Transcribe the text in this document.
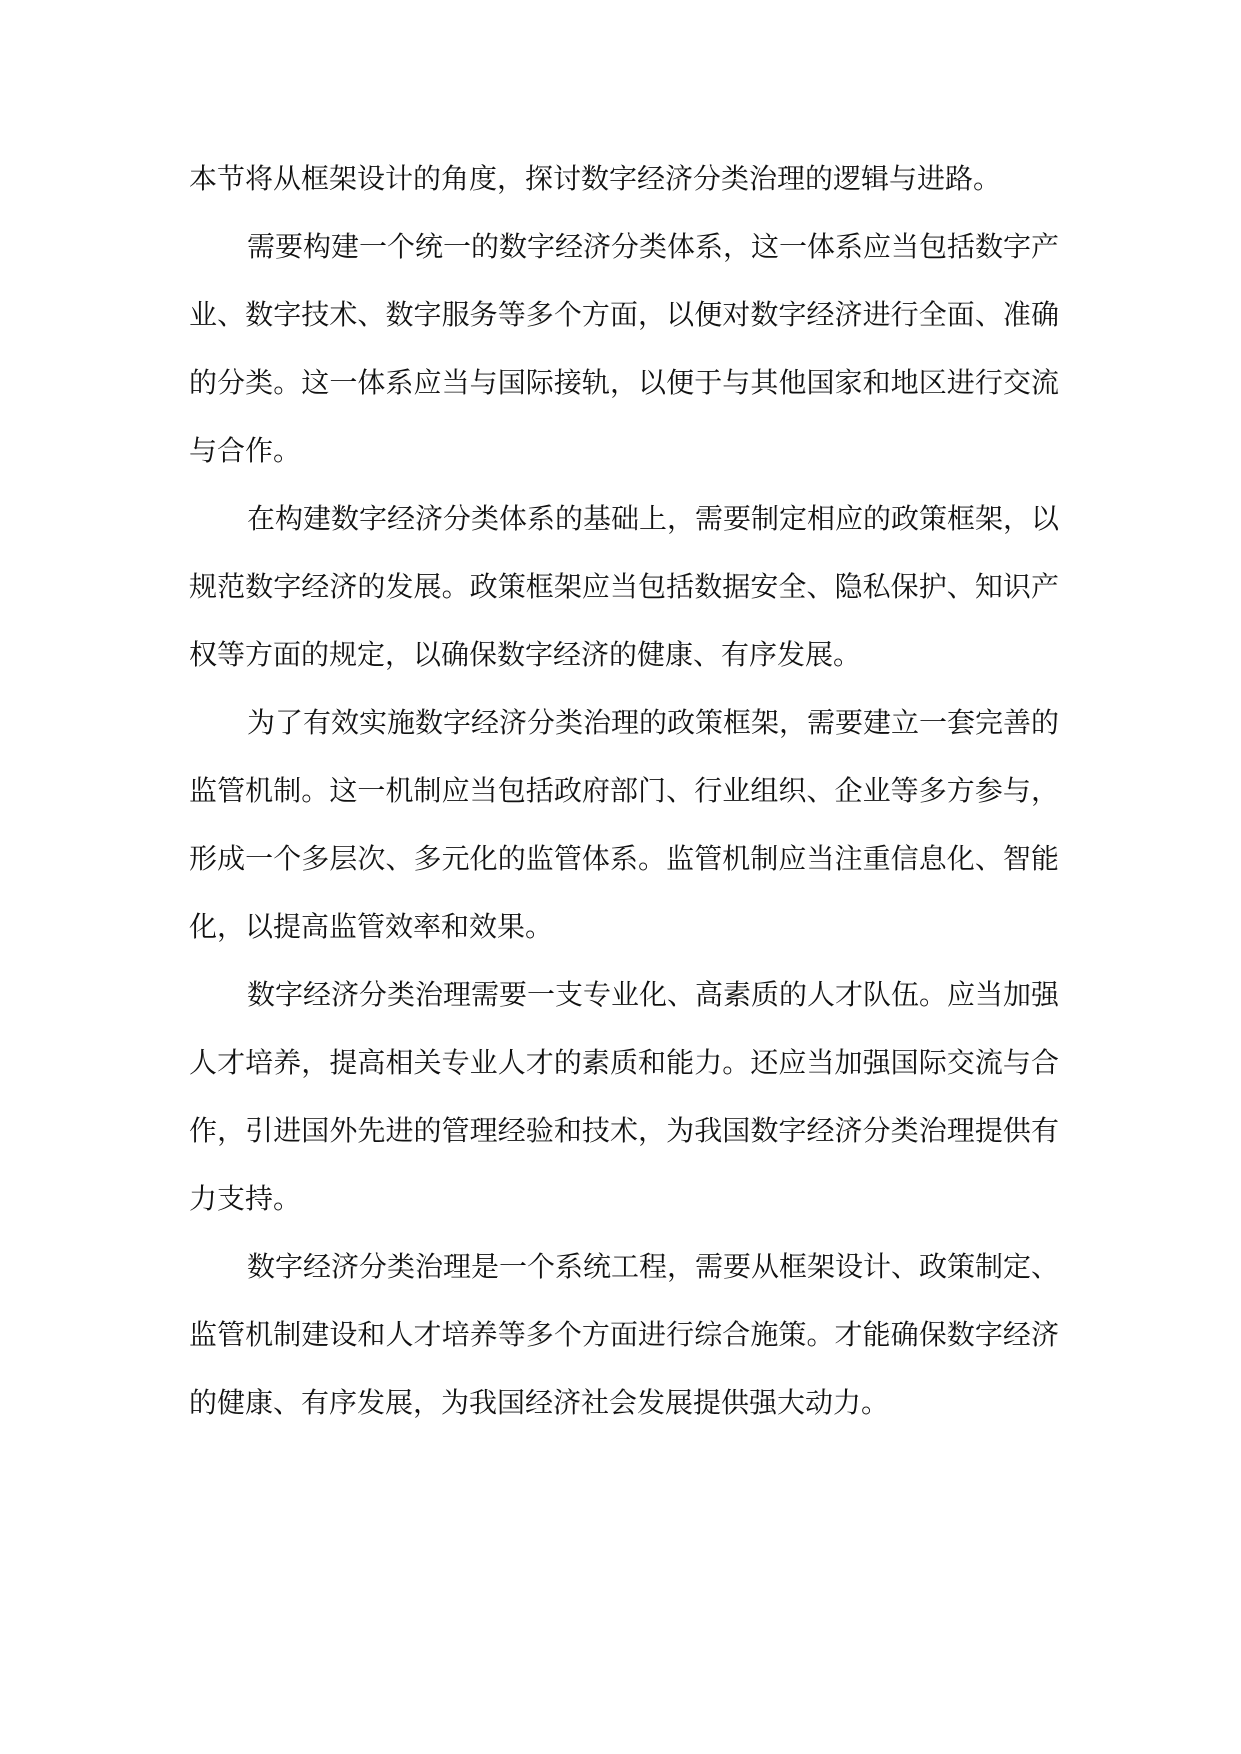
本节将从框架设计的角度，探讨数字经济分类治理的逻辑与进路。

需要构建一个统一的数字经济分类体系，这一体系应当包括数字产业、数字技术、数字服务等多个方面，以便对数字经济进行全面、准确的分类。这一体系应当与国际接轨，以便于与其他国家和地区进行交流与合作。

在构建数字经济分类体系的基础上，需要制定相应的政策框架，以规范数字经济的发展。政策框架应当包括数据安全、隐私保护、知识产权等方面的规定，以确保数字经济的健康、有序发展。

为了有效实施数字经济分类治理的政策框架，需要建立一套完善的监管机制。这一机制应当包括政府部门、行业组织、企业等多方参与，形成一个多层次、多元化的监管体系。监管机制应当注重信息化、智能化，以提高监管效率和效果。

数字经济分类治理需要一支专业化、高素质的人才队伍。应当加强人才培养，提高相关专业人才的素质和能力。还应当加强国际交流与合作，引进国外先进的管理经验和技术，为我国数字经济分类治理提供有力支持。

数字经济分类治理是一个系统工程，需要从框架设计、政策制定、监管机制建设和人才培养等多个方面进行综合施策。才能确保数字经济的健康、有序发展，为我国经济社会发展提供强大动力。
